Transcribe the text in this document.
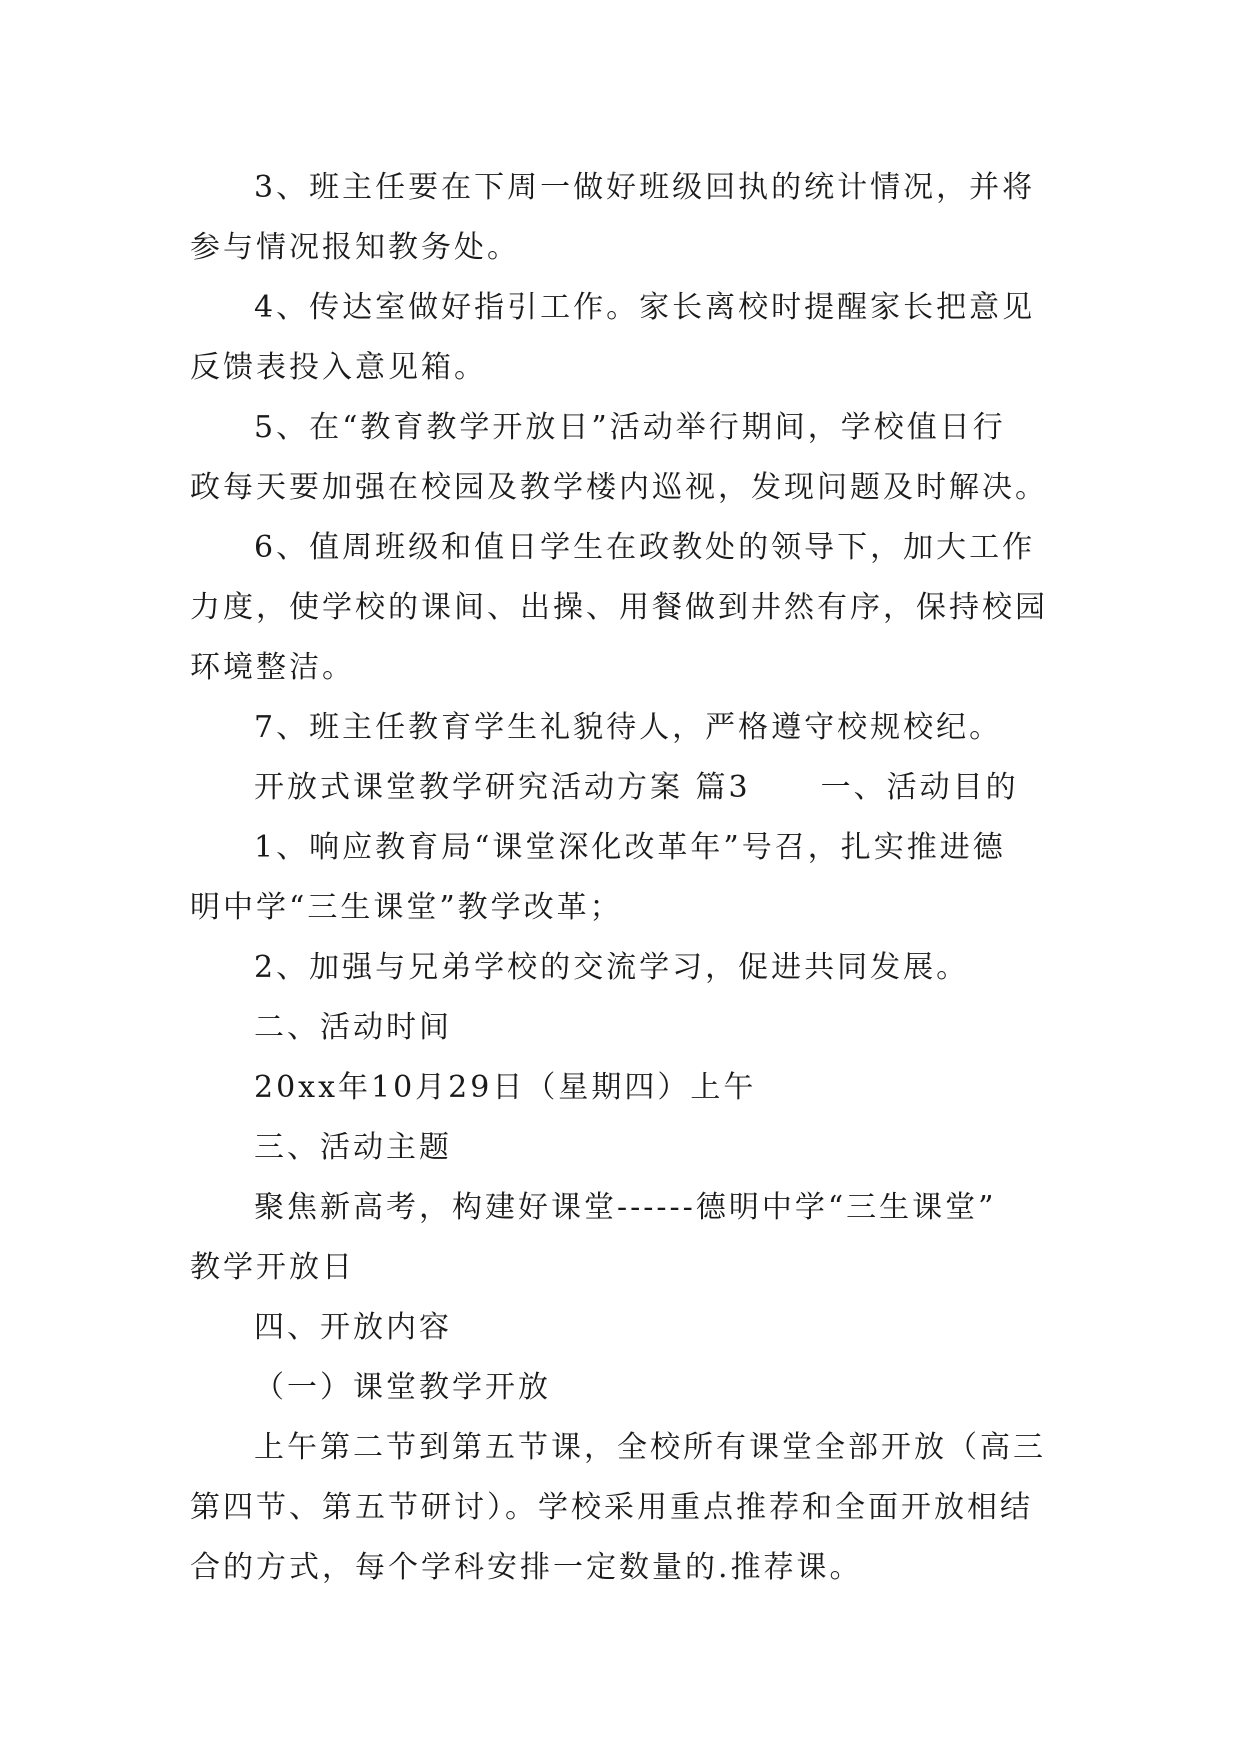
3、班主任要在下周一做好班级回执的统计情况，并将
参与情况报知教务处。
4、传达室做好指引工作。家长离校时提醒家长把意见
反馈表投入意见箱。
5、在“教育教学开放日”活动举行期间，学校值日行
政每天要加强在校园及教学楼内巡视，发现问题及时解决。
6、值周班级和值日学生在政教处的领导下，加大工作
力度，使学校的课间、出操、用餐做到井然有序，保持校园
环境整洁。
7、班主任教育学生礼貌待人，严格遵守校规校纪。
开放式课堂教学研究活动方案 篇3 一、活动目的
1、响应教育局“课堂深化改革年”号召，扎实推进德
明中学“三生课堂”教学改革；
2、加强与兄弟学校的交流学习，促进共同发展。
二、活动时间
20xx年10月29日（星期四）上午
三、活动主题
聚焦新高考，构建好课堂------德明中学“三生课堂”
教学开放日
四、开放内容
（一）课堂教学开放
上午第二节到第五节课，全校所有课堂全部开放（高三
第四节、第五节研讨）。学校采用重点推荐和全面开放相结
合的方式，每个学科安排一定数量的.推荐课。
